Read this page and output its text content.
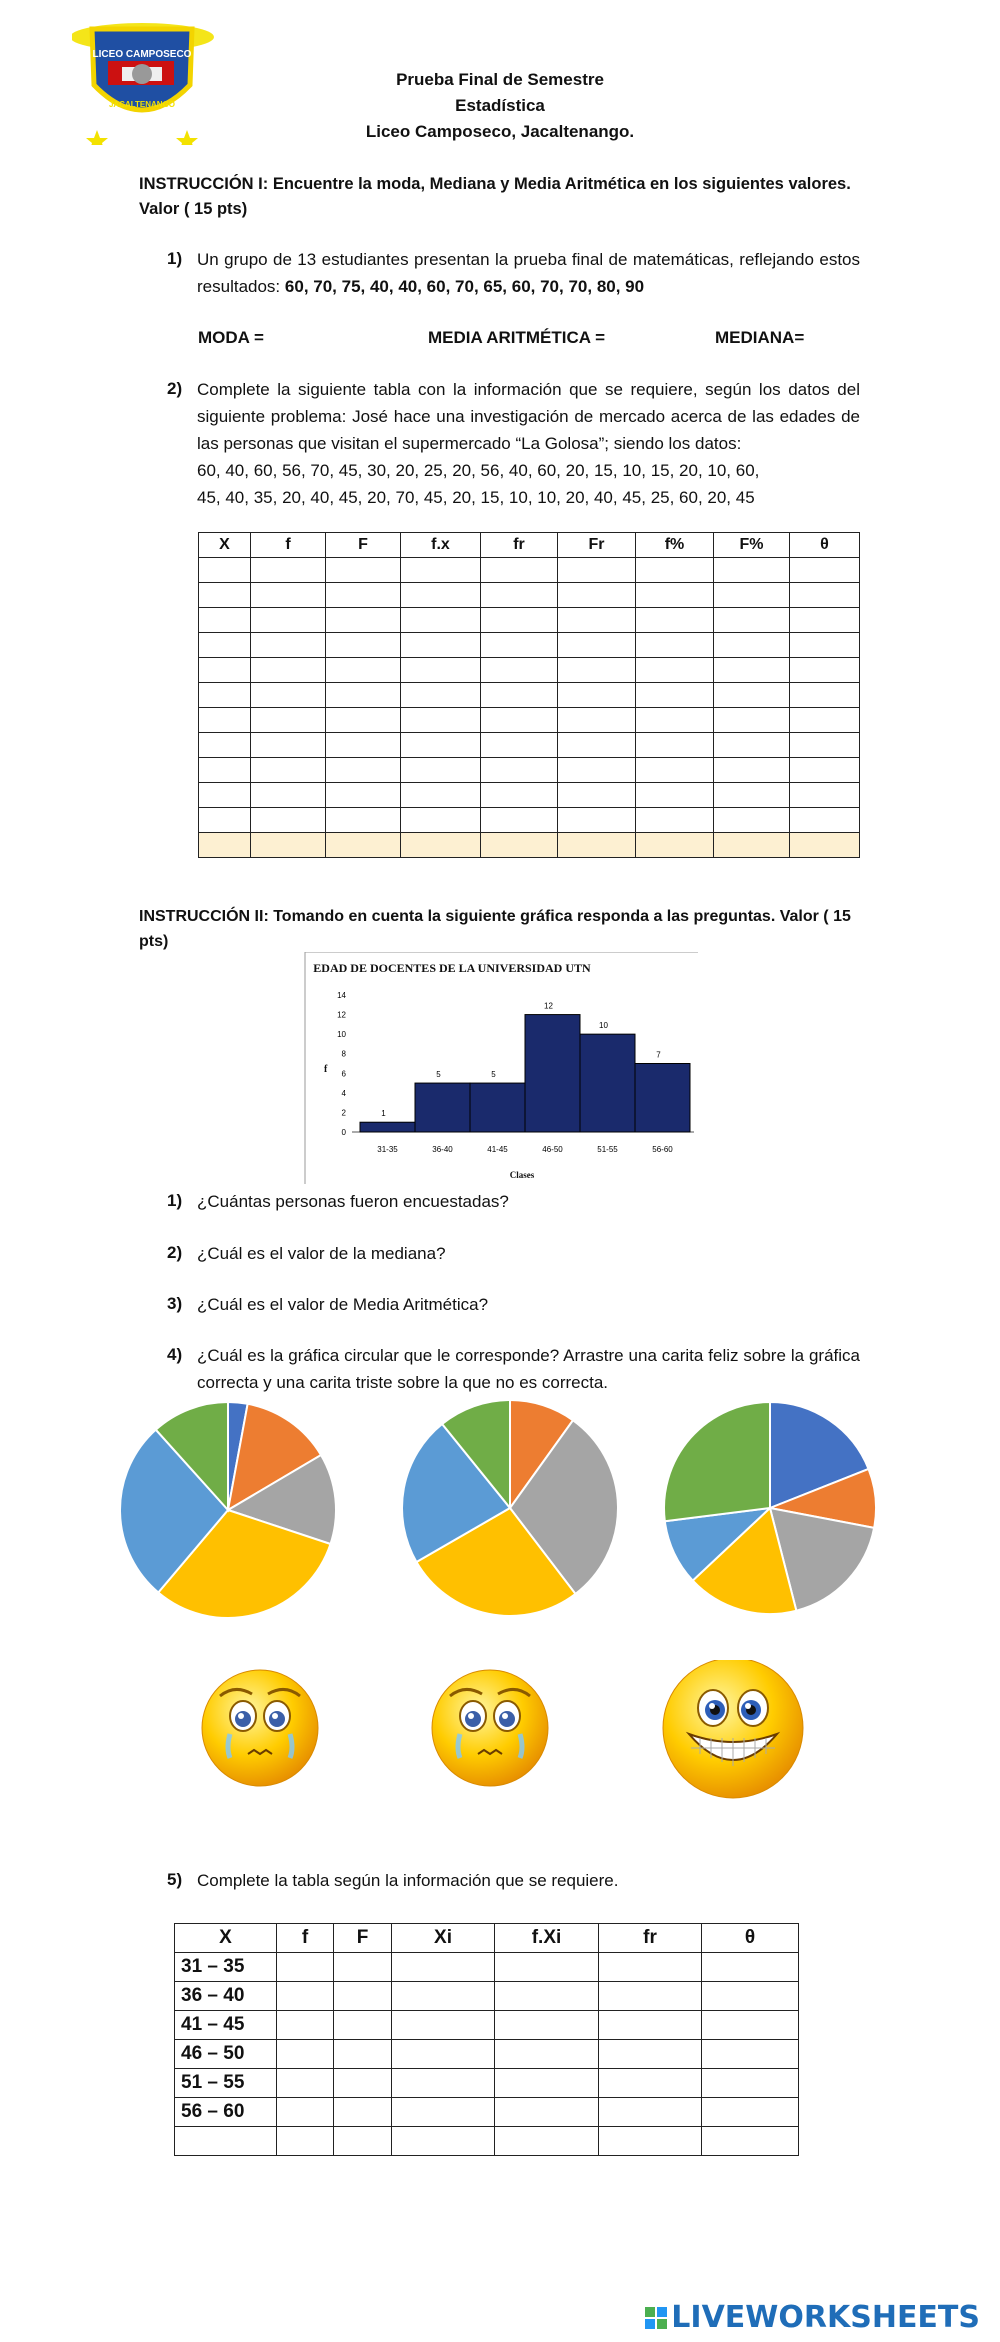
LICEO CAMPOSECO
JACALTENANGO
Prueba Final de Semestre
Estadística
Liceo Camposeco, Jacaltenango.
INSTRUCCIÓN I: Encuentre la moda, Mediana y Media Aritmética en los siguientes valores.
Valor ( 15 pts)
1) Un grupo de 13 estudiantes presentan la prueba final de matemáticas, reflejando estos resultados: 60, 70, 75, 40, 40, 60, 70, 65, 60, 70, 70, 80, 90
MODA =	MEDIA ARITMÉTICA =	MEDIANA=
2) Complete la siguiente tabla con la información que se requiere, según los datos del siguiente problema: José hace una investigación de mercado acerca de las edades de las personas que visitan el supermercado “La Golosa”; siendo los datos:
60, 40, 60, 56, 70, 45, 30, 20, 25, 20, 56, 40, 60, 20, 15, 10, 15, 20, 10, 60,
45, 40, 35, 20, 40, 45, 20, 70, 45, 20, 15, 10, 10, 20, 40, 45, 25, 60, 20, 45
X	f	F	f.x	fr	Fr	f%	F%	θ

INSTRUCCIÓN II: Tomando en cuenta la siguiente gráfica responda a las preguntas. Valor ( 15 pts)
EDAD DE DOCENTES DE LA UNIVERSIDAD UTN
f
Clases
0
2
4
6
8
10
12
14
1
31-35
5
36-40
5
41-45
12
46-50
10
51-55
7
56-60
1) ¿Cuántas personas fueron encuestadas?
2) ¿Cuál es el valor de la mediana?
3) ¿Cuál es el valor de Media Aritmética?
4) ¿Cuál es la gráfica circular que le corresponde? Arrastre una carita feliz sobre la gráfica correcta y una carita triste sobre la que no es correcta.
5) Complete la tabla según la información que se requiere.
X	f	F	Xi	f.Xi	fr	θ
31 – 35						
36 – 40						
41 – 45						
46 – 50						
51 – 55						
56 – 60						

LIVEWORKSHEETS
